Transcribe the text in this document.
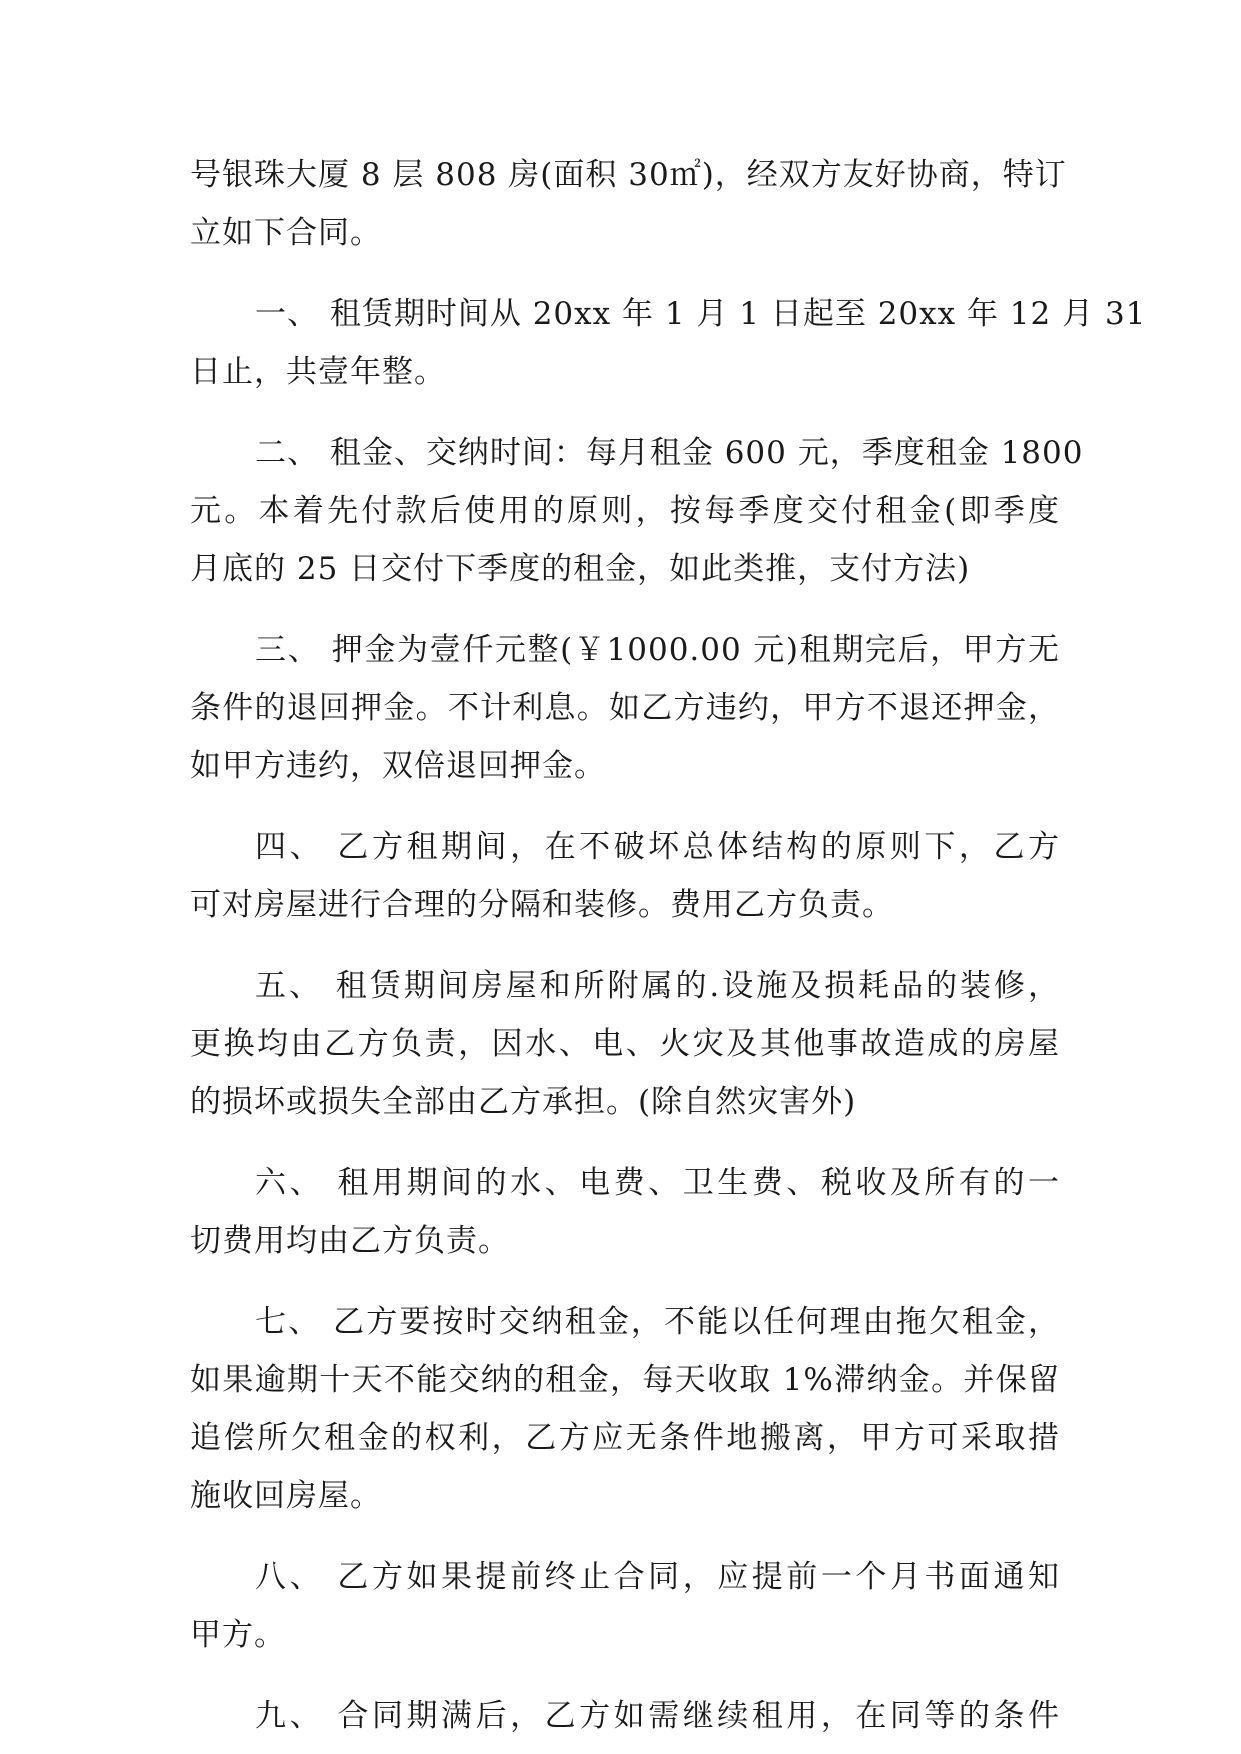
号银珠大厦 8 层 808 房(面积 30㎡)，经双方友好协商，特订
立如下合同。
一、 租赁期时间从 20xx 年 1 月 1 日起至 20xx 年 12 月 31
日止，共壹年整。
二、 租金、交纳时间：每月租金 600 元，季度租金 1800
元。本着先付款后使用的原则，按每季度交付租金(即季度
月底的 25 日交付下季度的租金，如此类推，支付方法)
三、 押金为壹仟元整(￥1000.00 元)租期完后，甲方无
条件的退回押金。不计利息。如乙方违约，甲方不退还押金，
如甲方违约，双倍退回押金。
四、 乙方租期间，在不破坏总体结构的原则下，乙方
可对房屋进行合理的分隔和装修。费用乙方负责。
五、 租赁期间房屋和所附属的.设施及损耗品的装修，
更换均由乙方负责，因水、电、火灾及其他事故造成的房屋
的损坏或损失全部由乙方承担。(除自然灾害外)
六、 租用期间的水、电费、卫生费、税收及所有的一
切费用均由乙方负责。
七、 乙方要按时交纳租金，不能以任何理由拖欠租金，
如果逾期十天不能交纳的租金，每天收取 1%滞纳金。并保留
追偿所欠租金的权利，乙方应无条件地搬离，甲方可采取措
施收回房屋。
八、 乙方如果提前终止合同，应提前一个月书面通知
甲方。
九、 合同期满后，乙方如需继续租用，在同等的条件
